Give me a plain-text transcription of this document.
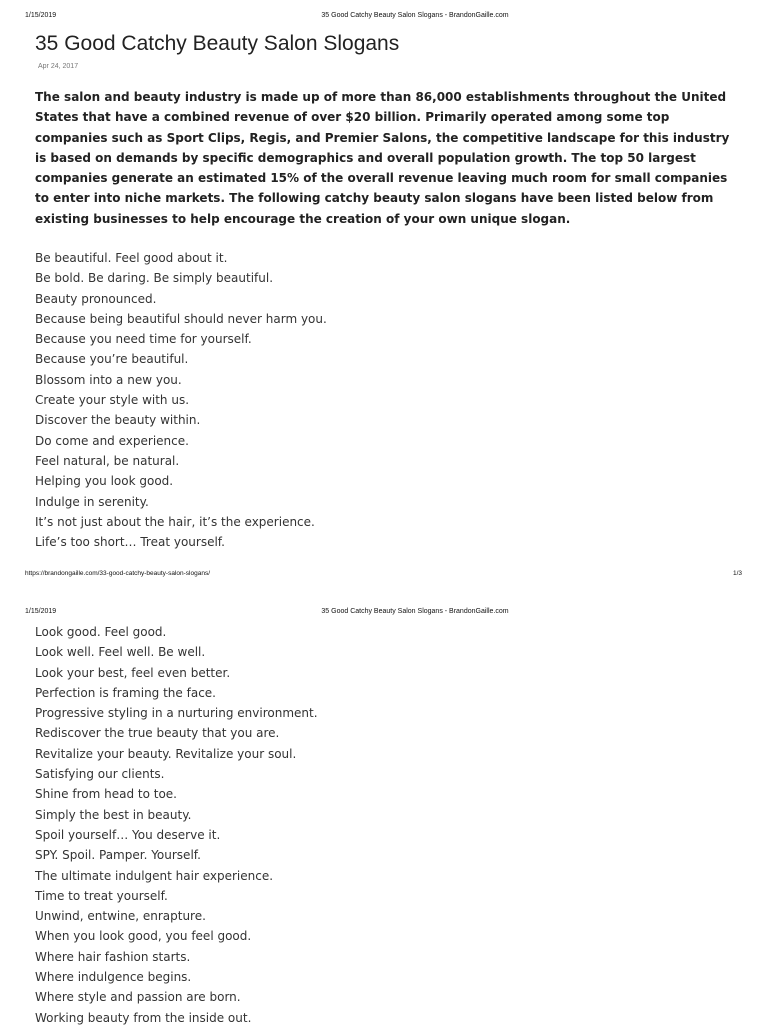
1/15/2019	35 Good Catchy Beauty Salon Slogans - BrandonGaille.com
35 Good Catchy Beauty Salon Slogans
Apr 24, 2017

The salon and beauty industry is made up of more than 86,000 establishments throughout the United States that have a combined revenue of over $20 billion. Primarily operated among some top companies such as Sport Clips, Regis, and Premier Salons, the competitive landscape for this industry is based on demands by specific demographics and overall population growth. The top 50 largest companies generate an estimated 15% of the overall revenue leaving much room for small companies to enter into niche markets. The following catchy beauty salon slogans have been listed below from existing businesses to help encourage the creation of your own unique slogan.

Be beautiful. Feel good about it.
Be bold. Be daring. Be simply beautiful.
Beauty pronounced.
Because being beautiful should never harm you.
Because you need time for yourself.
Because you’re beautiful.
Blossom into a new you.
Create your style with us.
Discover the beauty within.
Do come and experience.
Feel natural, be natural.
Helping you look good.
Indulge in serenity.
It’s not just about the hair, it’s the experience.
Life’s too short… Treat yourself.
https://brandongaille.com/33-good-catchy-beauty-salon-slogans/	1/3
1/15/2019	35 Good Catchy Beauty Salon Slogans - BrandonGaille.com
Look good. Feel good.
Look well. Feel well. Be well.
Look your best, feel even better.
Perfection is framing the face.
Progressive styling in a nurturing environment.
Rediscover the true beauty that you are.
Revitalize your beauty. Revitalize your soul.
Satisfying our clients.
Shine from head to toe.
Simply the best in beauty.
Spoil yourself… You deserve it.
SPY. Spoil. Pamper. Yourself.
The ultimate indulgent hair experience.
Time to treat yourself.
Unwind, entwine, enrapture.
When you look good, you feel good.
Where hair fashion starts.
Where indulgence begins.
Where style and passion are born.
Working beauty from the inside out.
